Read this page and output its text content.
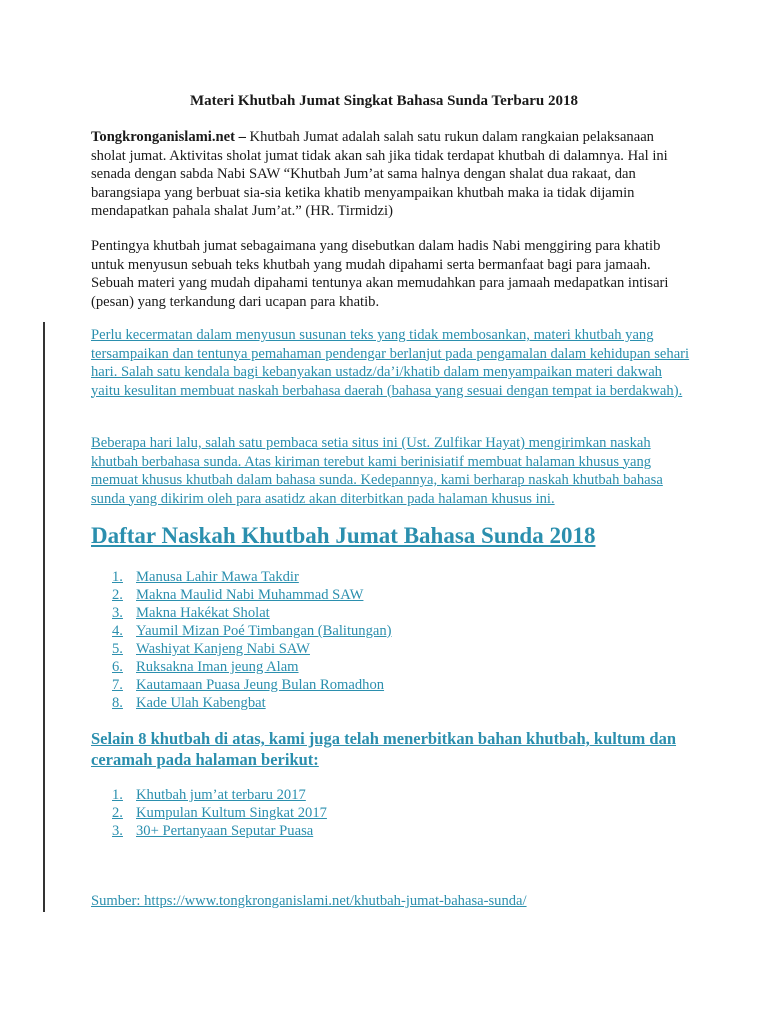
Materi Khutbah Jumat Singkat Bahasa Sunda Terbaru 2018
Tongkronganislami.net – Khutbah Jumat adalah salah satu rukun dalam rangkaian pelaksanaan sholat jumat. Aktivitas sholat jumat tidak akan sah jika tidak terdapat khutbah di dalamnya. Hal ini senada dengan sabda Nabi SAW “Khutbah Jum’at sama halnya dengan shalat dua rakaat, dan barangsiapa yang berbuat sia-sia ketika khatib menyampaikan khutbah maka ia tidak dijamin mendapatkan pahala shalat Jum’at.” (HR. Tirmidzi)
Pentingya khutbah jumat sebagaimana yang disebutkan dalam hadis Nabi menggiring para khatib untuk menyusun sebuah teks khutbah yang mudah dipahami serta bermanfaat bagi para jamaah. Sebuah materi yang mudah dipahami tentunya akan memudahkan para jamaah medapatkan intisari (pesan) yang terkandung dari ucapan para khatib.
Perlu kecermatan dalam menyusun susunan teks yang tidak membosankan, materi khutbah yang tersampaikan dan tentunya pemahaman pendengar berlanjut pada pengamalan dalam kehidupan sehari hari. Salah satu kendala bagi kebanyakan ustadz/da’i/khatib dalam menyampaikan materi dakwah yaitu kesulitan membuat naskah berbahasa daerah (bahasa yang sesuai dengan tempat ia berdakwah).
Beberapa hari lalu, salah satu pembaca setia situs ini (Ust. Zulfikar Hayat) mengirimkan naskah khutbah berbahasa sunda. Atas kiriman terebut kami berinisiatif membuat halaman khusus yang memuat khusus khutbah dalam bahasa sunda. Kedepannya, kami berharap naskah khutbah bahasa sunda yang dikirim oleh para asatidz akan diterbitkan pada halaman khusus ini.
Daftar Naskah Khutbah Jumat Bahasa Sunda 2018
1. Manusa Lahir Mawa Takdir
2. Makna Maulid Nabi Muhammad SAW
3. Makna Hakékat Sholat
4. Yaumil Mizan Poé Timbangan (Balitungan)
5. Washiyat Kanjeng Nabi SAW
6. Ruksakna Iman jeung Alam
7. Kautamaan Puasa Jeung Bulan Romadhon
8. Kade Ulah Kabengbat
Selain 8 khutbah di atas, kami juga telah menerbitkan bahan khutbah, kultum dan ceramah pada halaman berikut:
1. Khutbah jum’at terbaru 2017
2. Kumpulan Kultum Singkat 2017
3. 30+ Pertanyaan Seputar Puasa
Sumber: https://www.tongkronganislami.net/khutbah-jumat-bahasa-sunda/
